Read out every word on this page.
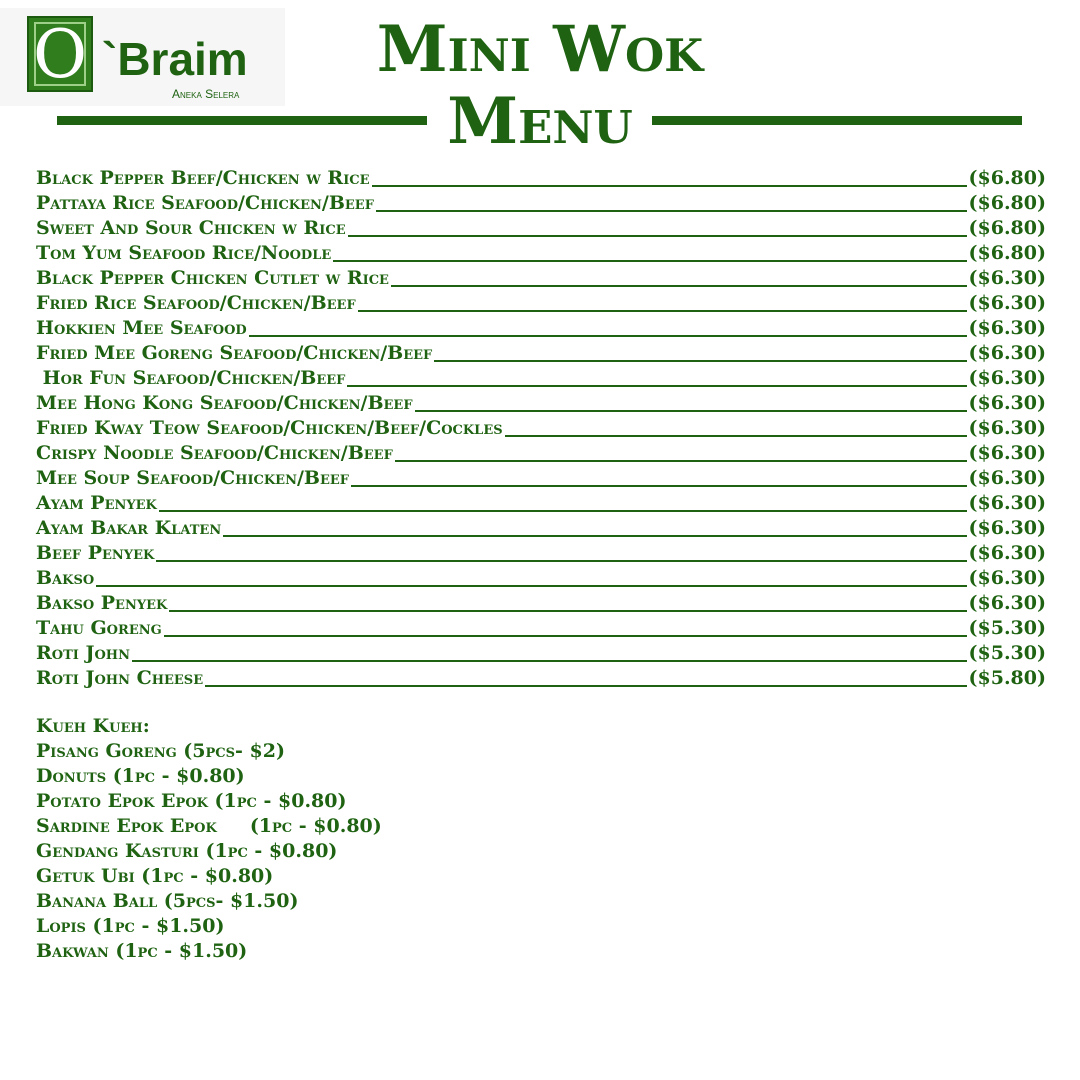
O `Braim
Aneka Selera
Mini Wok
Menu
Black Pepper Beef/Chicken w Rice	($6.80)
Pattaya Rice Seafood/Chicken/Beef	($6.80)
Sweet And Sour Chicken w Rice	($6.80)
Tom Yum Seafood Rice/Noodle	($6.80)
Black Pepper Chicken Cutlet w Rice	($6.30)
Fried Rice Seafood/Chicken/Beef	($6.30)
Hokkien Mee Seafood	($6.30)
Fried Mee Goreng Seafood/Chicken/Beef	($6.30)
Hor Fun Seafood/Chicken/Beef	($6.30)
Mee Hong Kong Seafood/Chicken/Beef	($6.30)
Fried Kway Teow Seafood/Chicken/Beef/Cockles	($6.30)
Crispy Noodle Seafood/Chicken/Beef	($6.30)
Mee Soup Seafood/Chicken/Beef	($6.30)
Ayam Penyek	($6.30)
Ayam Bakar Klaten	($6.30)
Beef Penyek	($6.30)
Bakso	($6.30)
Bakso Penyek	($6.30)
Tahu Goreng	($5.30)
Roti John	($5.30)
Roti John Cheese	($5.80)
Kueh Kueh:
Pisang Goreng (5pcs- $2)
Donuts (1pc - $0.80)
Potato Epok Epok (1pc - $0.80)
Sardine Epok Epok     (1pc - $0.80)
Gendang Kasturi (1pc - $0.80)
Getuk Ubi (1pc - $0.80)
Banana Ball (5pcs- $1.50)
Lopis (1pc - $1.50)
Bakwan (1pc - $1.50)
